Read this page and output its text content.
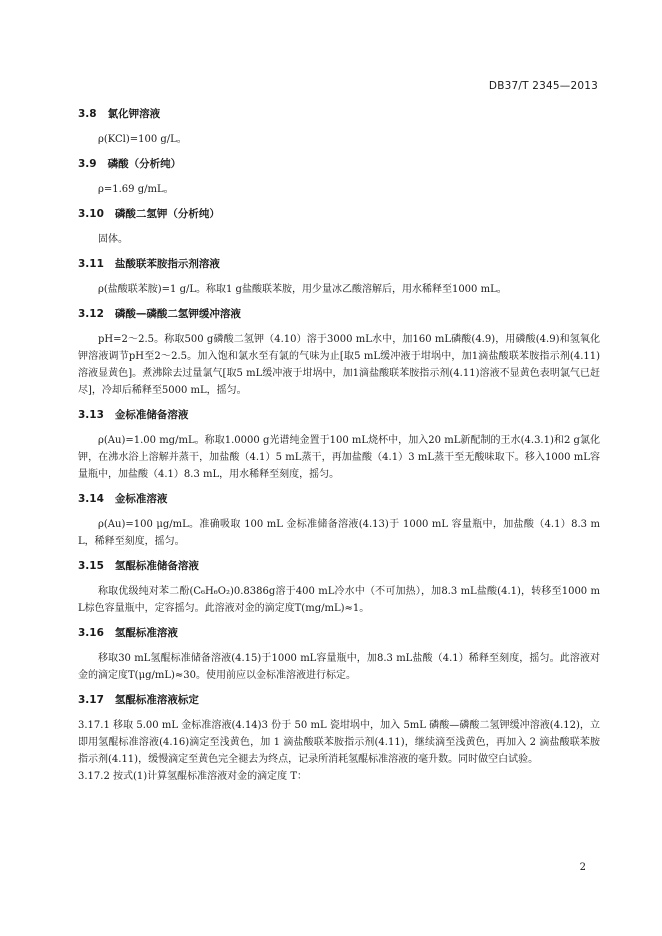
DB37/T 2345—2013
3.8   氯化钾溶液

ρ(KCl)=100 g/L。

3.9   磷酸（分析纯）

ρ=1.69 g/mL。

3.10   磷酸二氢钾（分析纯）

固体。

3.11   盐酸联苯胺指示剂溶液

ρ(盐酸联苯胺)=1 g/L。称取1 g盐酸联苯胺，用少量冰乙酸溶解后，用水稀释至1000 mL。

3.12   磷酸—磷酸二氢钾缓冲溶液

pH=2～2.5。称取500 g磷酸二氢钾（4.10）溶于3000 mL水中，加160 mL磷酸(4.9)，用磷酸(4.9)和氢氧化钾溶液调节pH至2～2.5。加入饱和氯水至有氯的气味为止[取5 mL缓冲液于坩埚中，加1滴盐酸联苯胺指示剂(4.11)溶液显黄色]。煮沸除去过量氯气[取5 mL缓冲液于坩埚中，加1滴盐酸联苯胺指示剂(4.11)溶液不显黄色表明氯气已赶尽]，冷却后稀释至5000 mL，摇匀。

3.13   金标准储备溶液

ρ(Au)=1.00 mg/mL。称取1.0000 g光谱纯金置于100 mL烧杯中，加入20 mL新配制的王水(4.3.1)和2 g氯化钾，在沸水浴上溶解并蒸干，加盐酸（4.1）5 mL蒸干，再加盐酸（4.1）3 mL蒸干至无酸味取下。移入1000 mL容量瓶中，加盐酸（4.1）8.3 mL，用水稀释至刻度，摇匀。

3.14   金标准溶液

ρ(Au)=100 μg/mL。准确吸取 100 mL 金标准储备溶液(4.13)于 1000 mL 容量瓶中，加盐酸（4.1）8.3 mL，稀释至刻度，摇匀。

3.15   氢醌标准储备溶液

称取优级纯对苯二酚(C₆H₆O₂)0.8386g溶于400 mL冷水中（不可加热），加8.3 mL盐酸(4.1)，转移至1000 mL棕色容量瓶中，定容摇匀。此溶液对金的滴定度T(mg/mL)≈1。

3.16   氢醌标准溶液

移取30 mL氢醌标准储备溶液(4.15)于1000 mL容量瓶中，加8.3 mL盐酸（4.1）稀释至刻度，摇匀。此溶液对金的滴定度T(μg/mL)≈30。使用前应以金标准溶液进行标定。

3.17   氢醌标准溶液标定

3.17.1 移取 5.00 mL 金标准溶液(4.14)3 份于 50 mL 瓷坩埚中，加入 5mL 磷酸—磷酸二氢钾缓冲溶液(4.12)，立即用氢醌标准溶液(4.16)滴定至浅黄色，加 1 滴盐酸联苯胺指示剂(4.11)，继续滴至浅黄色，再加入 2 滴盐酸联苯胺指示剂(4.11)，缓慢滴定至黄色完全褪去为终点，记录所消耗氢醌标准溶液的毫升数。同时做空白试验。

3.17.2 按式(1)计算氢醌标准溶液对金的滴定度 T：

2
